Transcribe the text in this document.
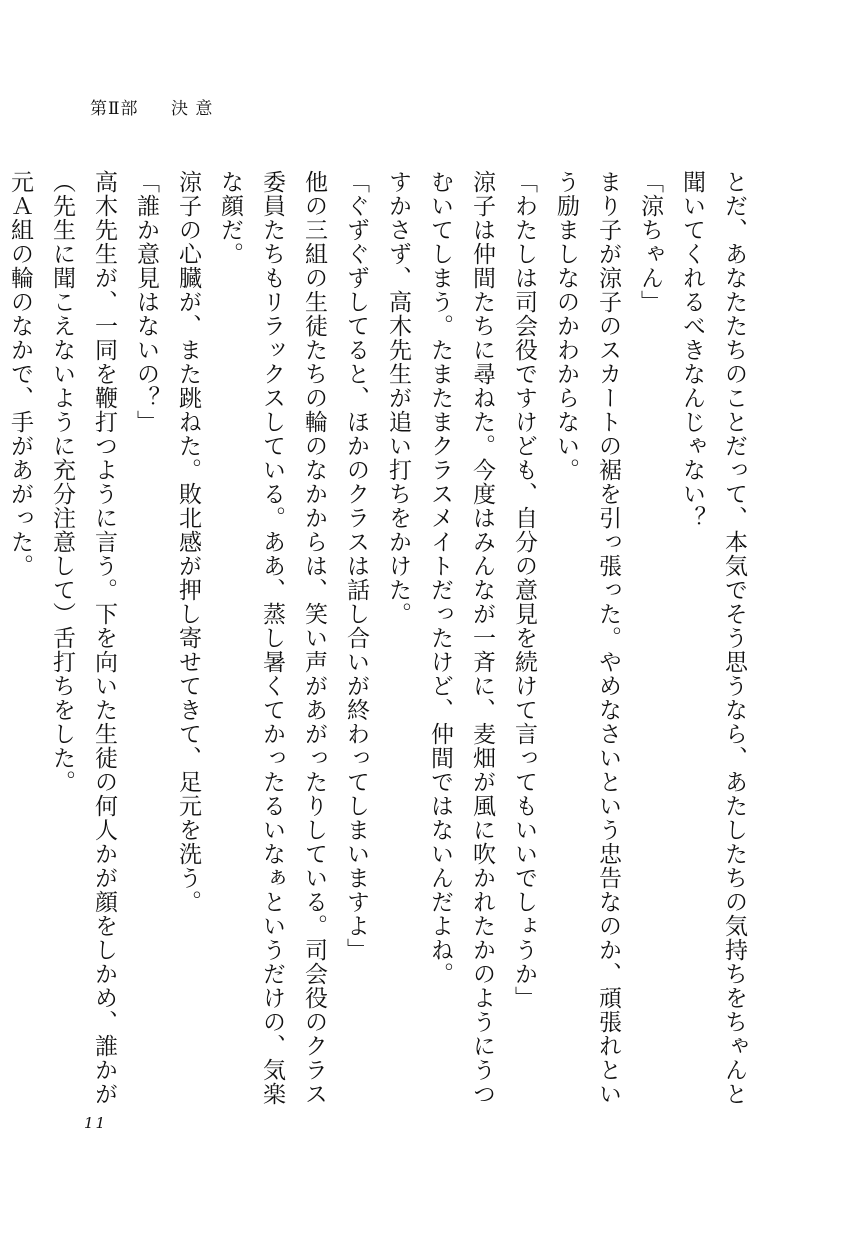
第Ⅱ部 決 意

とだ、あなたたちのことだって、本気でそう思うなら、あたしたちの気持ちをちゃんと聞いてくれるべきなんじゃない？

「涼ちゃん」

まり子が涼子のスカートの裾を引っ張った。やめなさいという忠告なのか、頑張れという励ましなのかわからない。

「わたしは司会役ですけども、自分の意見を続けて言ってもいいでしょうか」

涼子は仲間たちに尋ねた。今度はみんなが一斉に、麦畑が風に吹かれたかのようにうつむいてしまう。たまたまクラスメイトだったけど、仲間ではないんだよね。

すかさず、高木先生が追い打ちをかけた。

「ぐずぐずしてると、ほかのクラスは話し合いが終わってしまいますよ」

他の三組の生徒たちの輪のなかからは、笑い声があがったりしている。司会役のクラス委員たちもリラックスしている。ああ、蒸し暑くてかったるいなぁというだけの、気楽な顔だ。

涼子の心臓が、また跳ねた。敗北感が押し寄せてきて、足元を洗う。

「誰か意見はないの？」

高木先生が、一同を鞭打つように言う。下を向いた生徒の何人かが顔をしかめ、誰かが（先生に聞こえないように充分注意して）舌打ちをした。

元Ａ組の輪のなかで、手があがった。

11
